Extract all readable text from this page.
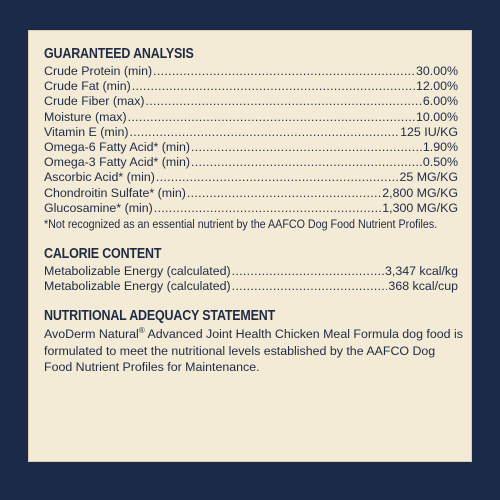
GUARANTEED ANALYSIS
Crude Protein (min) .....	30.00%
Crude Fat (min) .....	12.00%
Crude Fiber (max) .....	6.00%
Moisture (max) .....	10.00%
Vitamin E (min) .....	125 IU/KG
Omega-6 Fatty Acid* (min) .....	1.90%
Omega-3 Fatty Acid* (min) .....	0.50%
Ascorbic Acid* (min) .....	25 MG/KG
Chondroitin Sulfate* (min) .....	2,800 MG/KG
Glucosamine* (min) .....	1,300 MG/KG
*Not recognized as an essential nutrient by the AAFCO Dog Food Nutrient Profiles.
CALORIE CONTENT
Metabolizable Energy (calculated) .....	3,347 kcal/kg
Metabolizable Energy (calculated) .....	368 kcal/cup
NUTRITIONAL ADEQUACY STATEMENT
AvoDerm Natural® Advanced Joint Health Chicken Meal Formula dog food is formulated to meet the nutritional levels established by the AAFCO Dog Food Nutrient Profiles for Maintenance.
